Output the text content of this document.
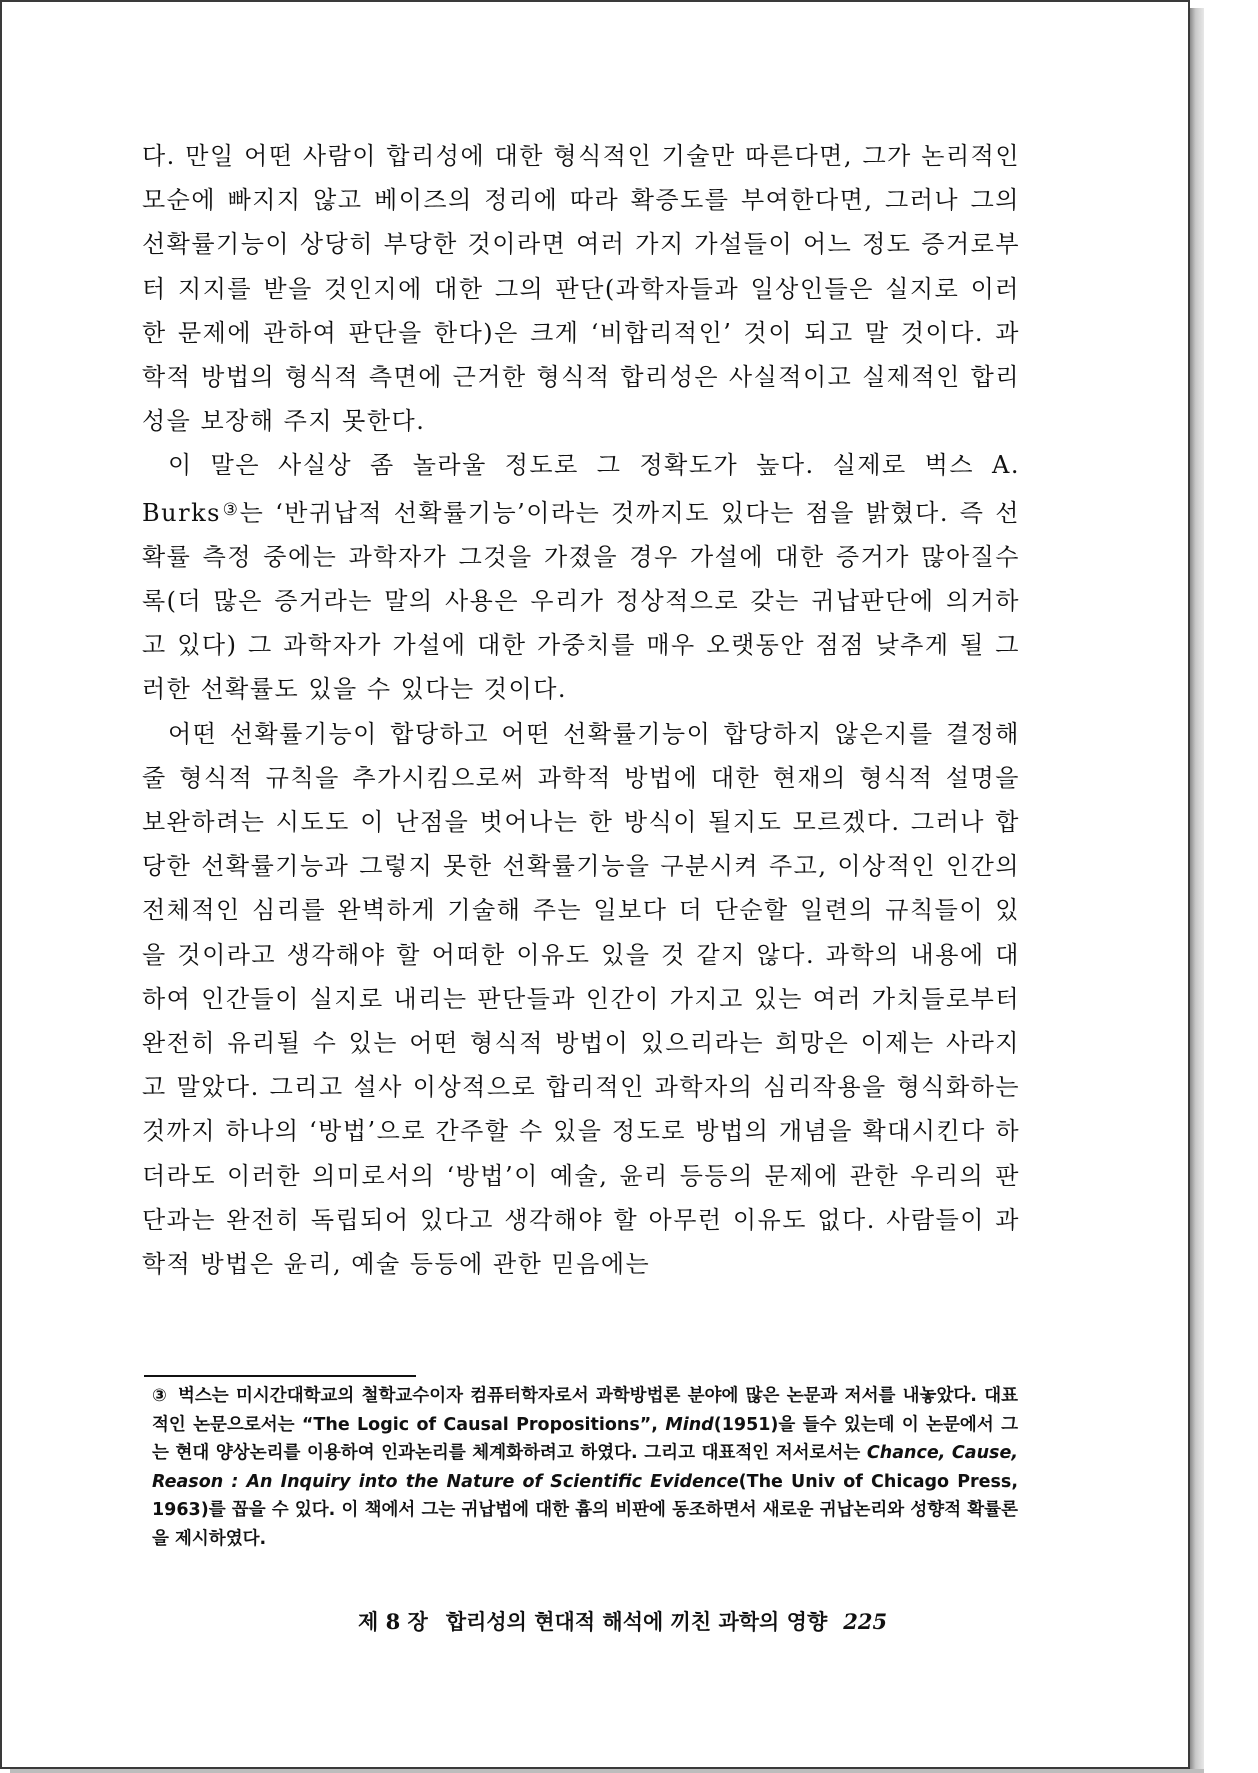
다. 만일 어떤 사람이 합리성에 대한 형식적인 기술만 따른다면, 그가 논리적인 모순에 빠지지 않고 베이즈의 정리에 따라 확증도를 부여한다면, 그러나 그의 선확률기능이 상당히 부당한 것이라면 여러 가지 가설들이 어느 정도 증거로부터 지지를 받을 것인지에 대한 그의 판단(과학자들과 일상인들은 실지로 이러한 문제에 관하여 판단을 한다)은 크게 ‘비합리적인’ 것이 되고 말 것이다. 과학적 방법의 형식적 측면에 근거한 형식적 합리성은 사실적이고 실제적인 합리성을 보장해 주지 못한다.

이 말은 사실상 좀 놀라울 정도로 그 정확도가 높다. 실제로 벅스 A. Burks③는 ‘반귀납적 선확률기능’이라는 것까지도 있다는 점을 밝혔다. 즉 선확률 측정 중에는 과학자가 그것을 가졌을 경우 가설에 대한 증거가 많아질수록(더 많은 증거라는 말의 사용은 우리가 정상적으로 갖는 귀납판단에 의거하고 있다) 그 과학자가 가설에 대한 가중치를 매우 오랫동안 점점 낮추게 될 그러한 선확률도 있을 수 있다는 것이다.

어떤 선확률기능이 합당하고 어떤 선확률기능이 합당하지 않은지를 결정해 줄 형식적 규칙을 추가시킴으로써 과학적 방법에 대한 현재의 형식적 설명을 보완하려는 시도도 이 난점을 벗어나는 한 방식이 될지도 모르겠다. 그러나 합당한 선확률기능과 그렇지 못한 선확률기능을 구분시켜 주고, 이상적인 인간의 전체적인 심리를 완벽하게 기술해 주는 일보다 더 단순할 일련의 규칙들이 있을 것이라고 생각해야 할 어떠한 이유도 있을 것 같지 않다. 과학의 내용에 대하여 인간들이 실지로 내리는 판단들과 인간이 가지고 있는 여러 가치들로부터 완전히 유리될 수 있는 어떤 형식적 방법이 있으리라는 희망은 이제는 사라지고 말았다. 그리고 설사 이상적으로 합리적인 과학자의 심리작용을 형식화하는 것까지 하나의 ‘방법’으로 간주할 수 있을 정도로 방법의 개념을 확대시킨다 하더라도 이러한 의미로서의 ‘방법’이 예술, 윤리 등등의 문제에 관한 우리의 판단과는 완전히 독립되어 있다고 생각해야 할 아무런 이유도 없다. 사람들이 과학적 방법은 윤리, 예술 등등에 관한 믿음에는

③ 벅스는 미시간대학교의 철학교수이자 컴퓨터학자로서 과학방법론 분야에 많은 논문과 저서를 내놓았다. 대표적인 논문으로서는 “The Logic of Causal Propositions”, Mind(1951)을 들수 있는데 이 논문에서 그는 현대 양상논리를 이용하여 인과논리를 체계화하려고 하였다. 그리고 대표적인 저서로서는 Chance, Cause, Reason : An Inquiry into the Nature of Scientific Evidence(The Univ of Chicago Press, 1963)를 꼽을 수 있다. 이 책에서 그는 귀납법에 대한 흄의 비판에 동조하면서 새로운 귀납논리와 성향적 확률론을 제시하였다.
제 8 장 합리성의 현대적 해석에 끼친 과학의 영향 225
